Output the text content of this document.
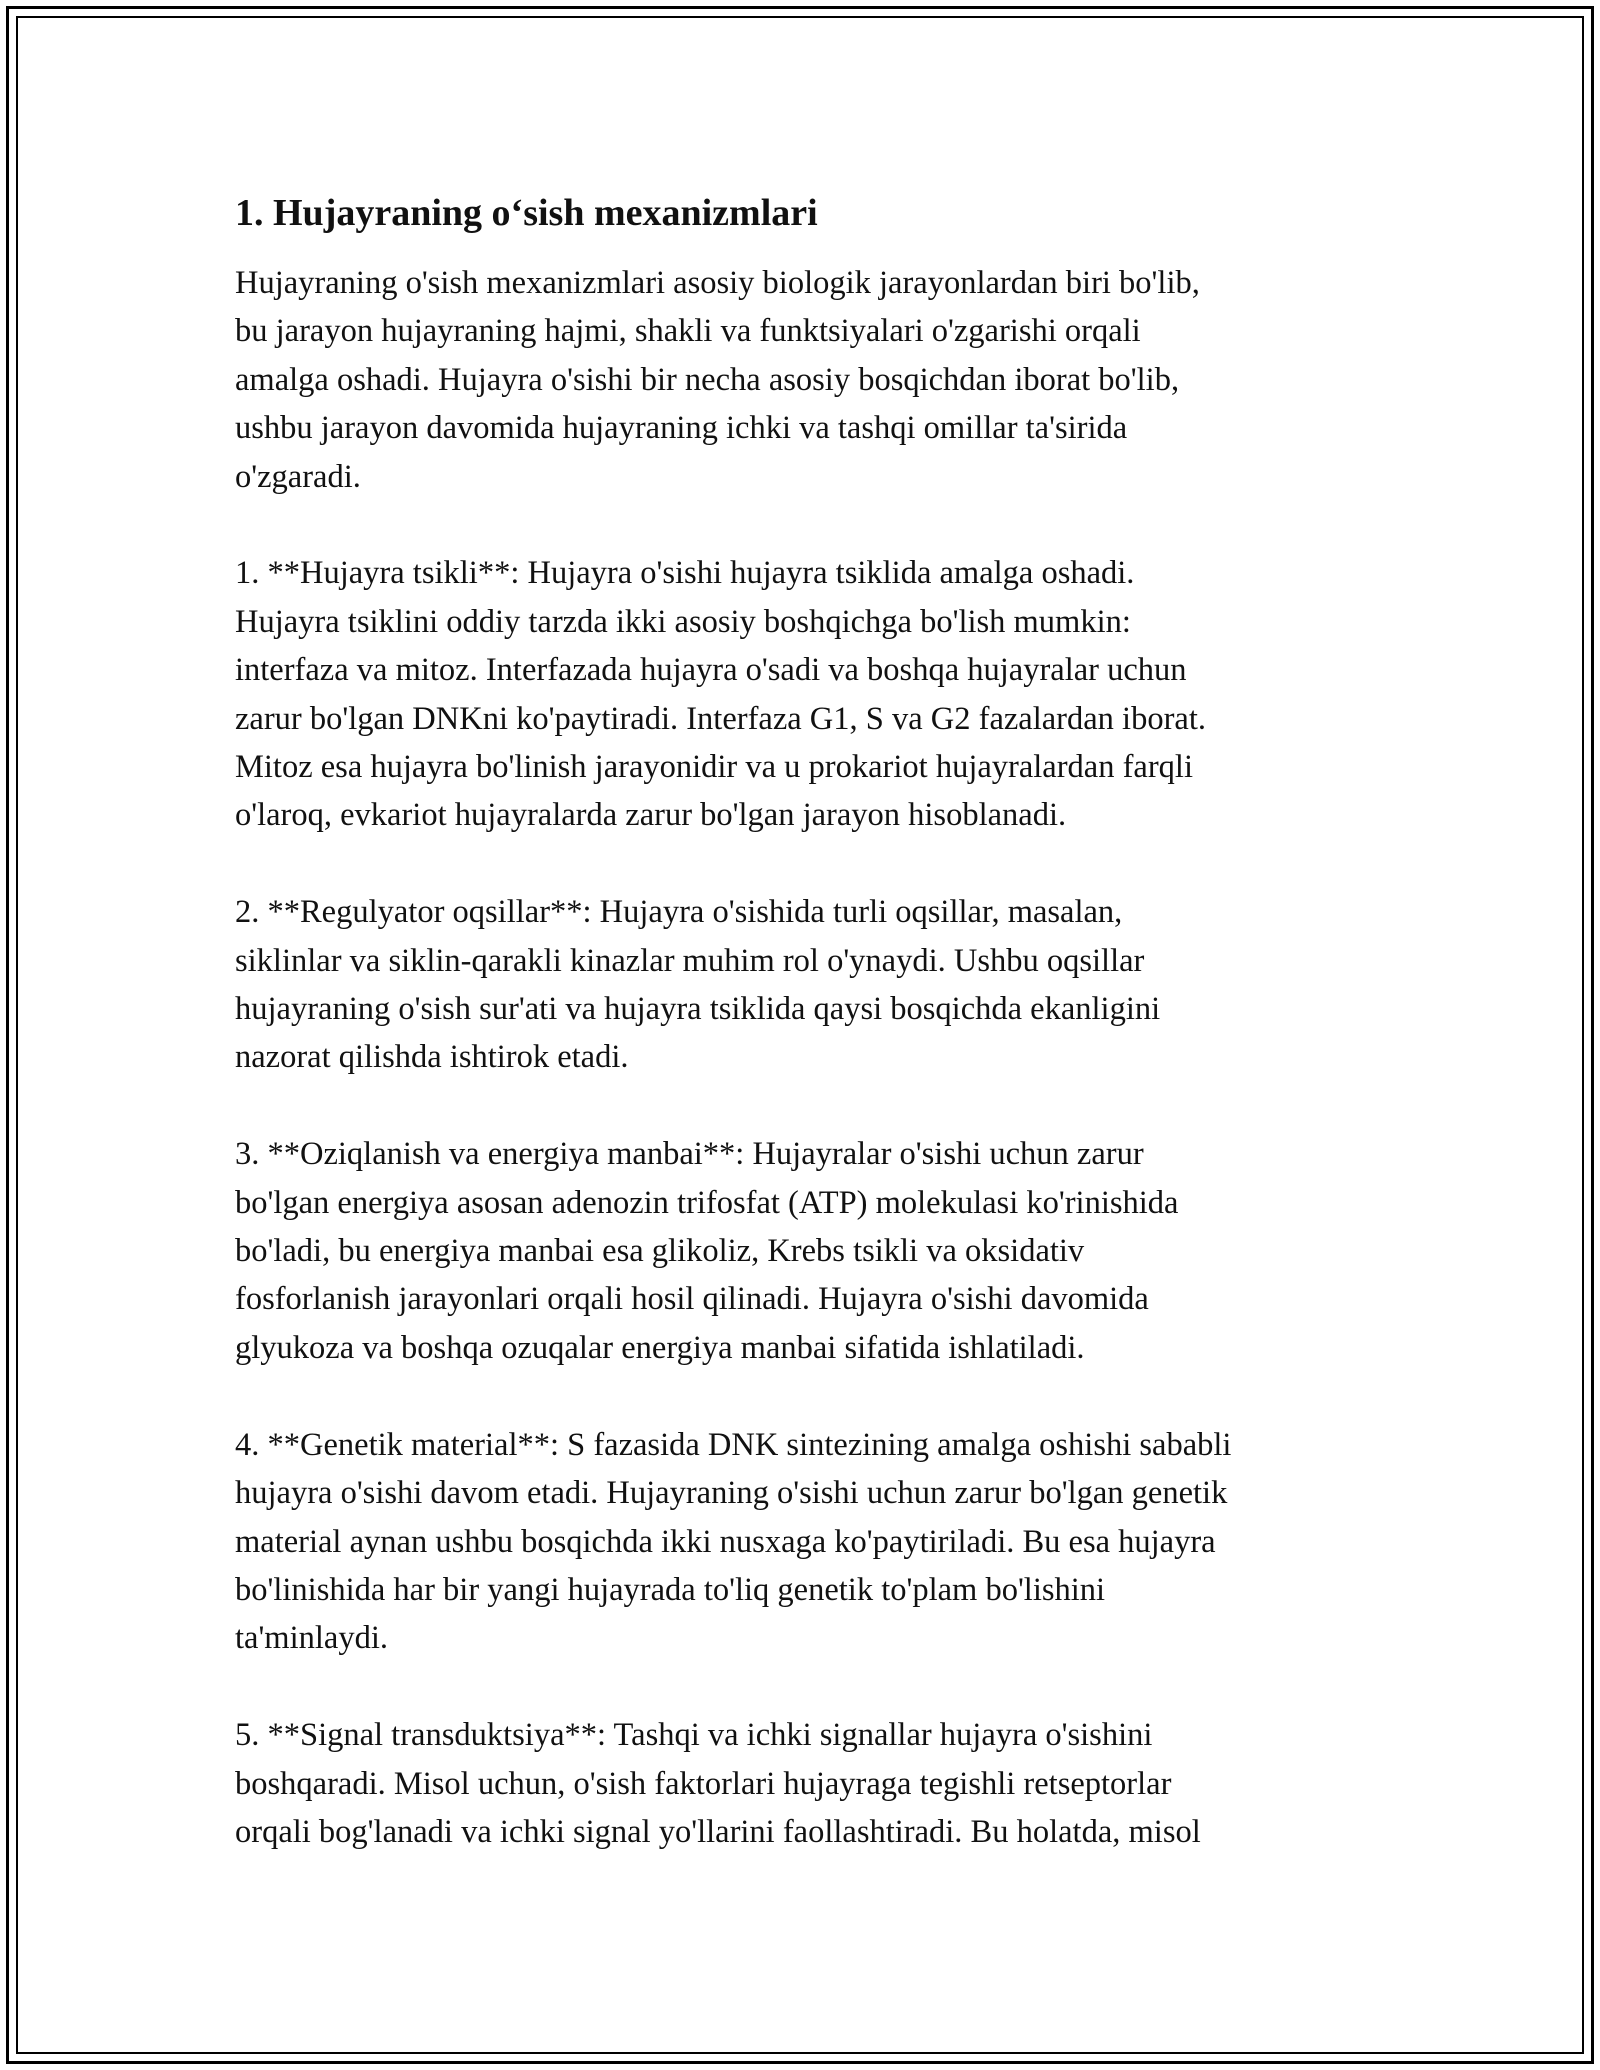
1. Hujayraning o‘sish mexanizmlari
Hujayraning o'sish mexanizmlari asosiy biologik jarayonlardan biri bo'lib,
bu jarayon hujayraning hajmi, shakli va funktsiyalari o'zgarishi orqali
amalga oshadi. Hujayra o'sishi bir necha asosiy bosqichdan iborat bo'lib,
ushbu jarayon davomida hujayraning ichki va tashqi omillar ta'sirida
o'zgaradi.
1. **Hujayra tsikli**: Hujayra o'sishi hujayra tsiklida amalga oshadi.
Hujayra tsiklini oddiy tarzda ikki asosiy boshqichga bo'lish mumkin:
interfaza va mitoz. Interfazada hujayra o'sadi va boshqa hujayralar uchun
zarur bo'lgan DNKni ko'paytiradi. Interfaza G1, S va G2 fazalardan iborat.
Mitoz esa hujayra bo'linish jarayonidir va u prokariot hujayralardan farqli
o'laroq, evkariot hujayralarda zarur bo'lgan jarayon hisoblanadi.
2. **Regulyator oqsillar**: Hujayra o'sishida turli oqsillar, masalan,
siklinlar va siklin-qarakli kinazlar muhim rol o'ynaydi. Ushbu oqsillar
hujayraning o'sish sur'ati va hujayra tsiklida qaysi bosqichda ekanligini
nazorat qilishda ishtirok etadi.
3. **Oziqlanish va energiya manbai**: Hujayralar o'sishi uchun zarur
bo'lgan energiya asosan adenozin trifosfat (ATP) molekulasi ko'rinishida
bo'ladi, bu energiya manbai esa glikoliz, Krebs tsikli va oksidativ
fosforlanish jarayonlari orqali hosil qilinadi. Hujayra o'sishi davomida
glyukoza va boshqa ozuqalar energiya manbai sifatida ishlatiladi.
4. **Genetik material**: S fazasida DNK sintezining amalga oshishi sababli
hujayra o'sishi davom etadi. Hujayraning o'sishi uchun zarur bo'lgan genetik
material aynan ushbu bosqichda ikki nusxaga ko'paytiriladi. Bu esa hujayra
bo'linishida har bir yangi hujayrada to'liq genetik to'plam bo'lishini
ta'minlaydi.
5. **Signal transduktsiya**: Tashqi va ichki signallar hujayra o'sishini
boshqaradi. Misol uchun, o'sish faktorlari hujayraga tegishli retseptorlar
orqali bog'lanadi va ichki signal yo'llarini faollashtiradi. Bu holatda, misol
